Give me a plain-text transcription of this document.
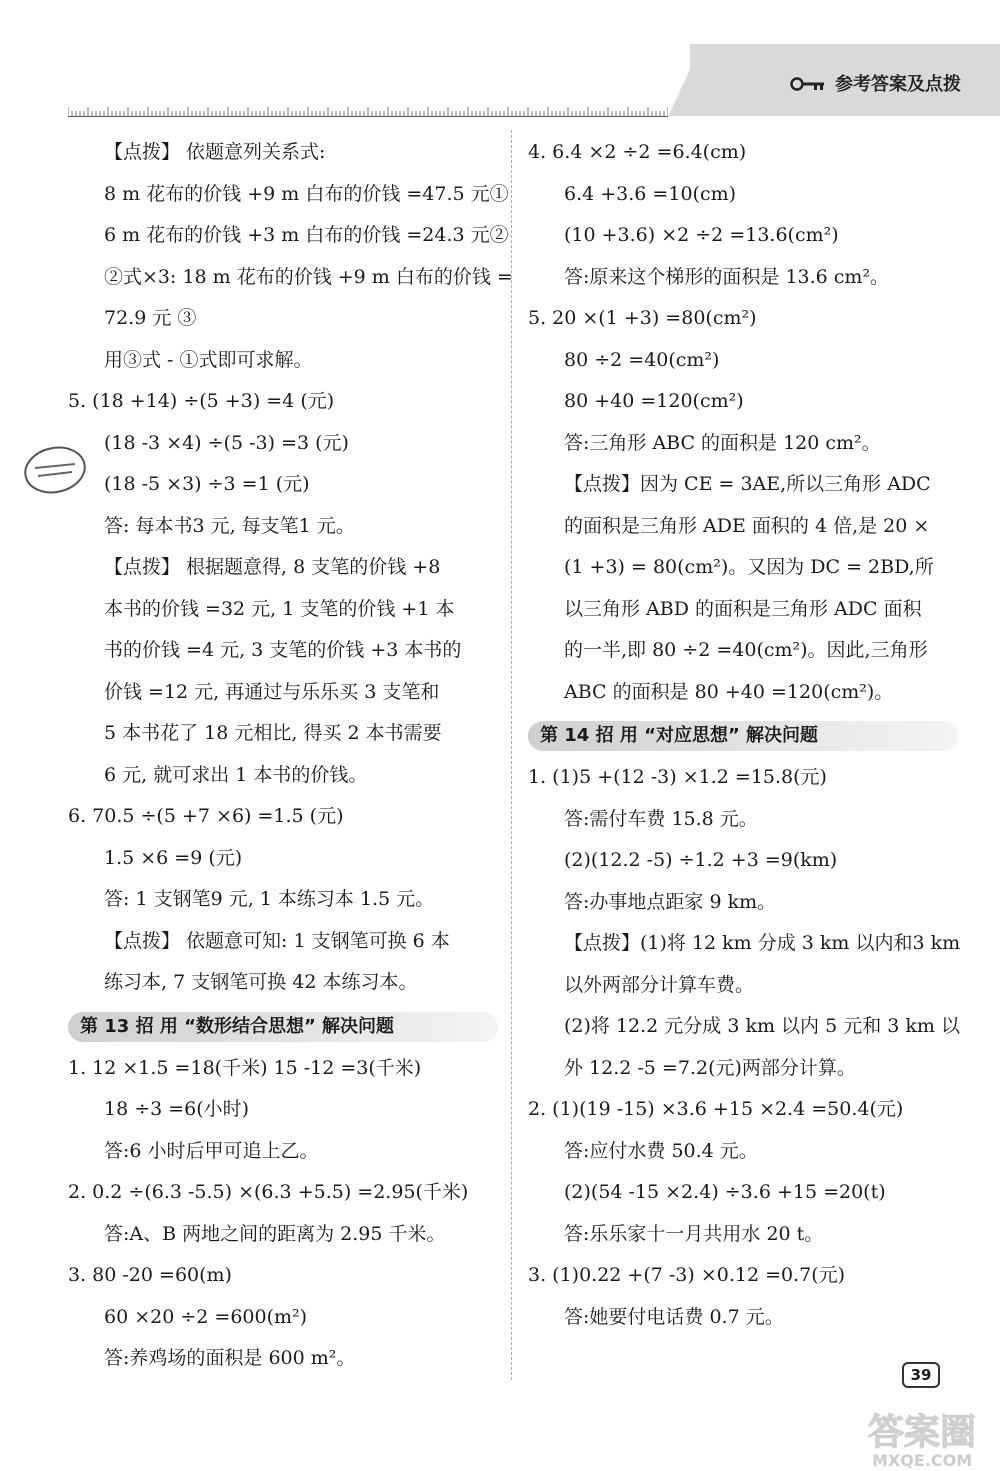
参考答案及点拨
【点拨】 依题意列关系式:
8 m 花布的价钱 +9 m 白布的价钱 =47.5 元①
6 m 花布的价钱 +3 m 白布的价钱 =24.3 元②
②式×3: 18 m 花布的价钱 +9 m 白布的价钱 =
72.9 元 ③
用③式 - ①式即可求解。
5. (18 +14) ÷(5 +3) =4 (元)
(18 -3 ×4) ÷(5 -3) =3 (元)
(18 -5 ×3) ÷3 =1 (元)
答: 每本书3 元, 每支笔1 元。
【点拨】 根据题意得, 8 支笔的价钱 +8
本书的价钱 =32 元, 1 支笔的价钱 +1 本
书的价钱 =4 元, 3 支笔的价钱 +3 本书的
价钱 =12 元, 再通过与乐乐买 3 支笔和
5 本书花了 18 元相比, 得买 2 本书需要
6 元, 就可求出 1 本书的价钱。
6. 70.5 ÷(5 +7 ×6) =1.5 (元)
1.5 ×6 =9 (元)
答: 1 支钢笔9 元, 1 本练习本 1.5 元。
【点拨】 依题意可知: 1 支钢笔可换 6 本
练习本, 7 支钢笔可换 42 本练习本。
第 13 招 用 “数形结合思想” 解决问题
1. 12 ×1.5 =18(千米) 15 -12 =3(千米)
18 ÷3 =6(小时)
答:6 小时后甲可追上乙。
2. 0.2 ÷(6.3 -5.5) ×(6.3 +5.5) =2.95(千米)
答:A、B 两地之间的距离为 2.95 千米。
3. 80 -20 =60(m)
60 ×20 ÷2 =600(m²)
答:养鸡场的面积是 600 m²。
4. 6.4 ×2 ÷2 =6.4(cm)
6.4 +3.6 =10(cm)
(10 +3.6) ×2 ÷2 =13.6(cm²)
答:原来这个梯形的面积是 13.6 cm²。
5. 20 ×(1 +3) =80(cm²)
80 ÷2 =40(cm²)
80 +40 =120(cm²)
答:三角形 ABC 的面积是 120 cm²。
【点拨】因为 CE = 3AE,所以三角形 ADC
的面积是三角形 ADE 面积的 4 倍,是 20 ×
(1 +3) = 80(cm²)。又因为 DC = 2BD,所
以三角形 ABD 的面积是三角形 ADC 面积
的一半,即 80 ÷2 =40(cm²)。因此,三角形
ABC 的面积是 80 +40 =120(cm²)。
第 14 招 用 “对应思想” 解决问题
1. (1)5 +(12 -3) ×1.2 =15.8(元)
答:需付车费 15.8 元。
(2)(12.2 -5) ÷1.2 +3 =9(km)
答:办事地点距家 9 km。
【点拨】(1)将 12 km 分成 3 km 以内和3 km
以外两部分计算车费。
(2)将 12.2 元分成 3 km 以内 5 元和 3 km 以
外 12.2 -5 =7.2(元)两部分计算。
2. (1)(19 -15) ×3.6 +15 ×2.4 =50.4(元)
答:应付水费 50.4 元。
(2)(54 -15 ×2.4) ÷3.6 +15 =20(t)
答:乐乐家十一月共用水 20 t。
3. (1)0.22 +(7 -3) ×0.12 =0.7(元)
答:她要付电话费 0.7 元。
39
答案圈
MXQE.COM
